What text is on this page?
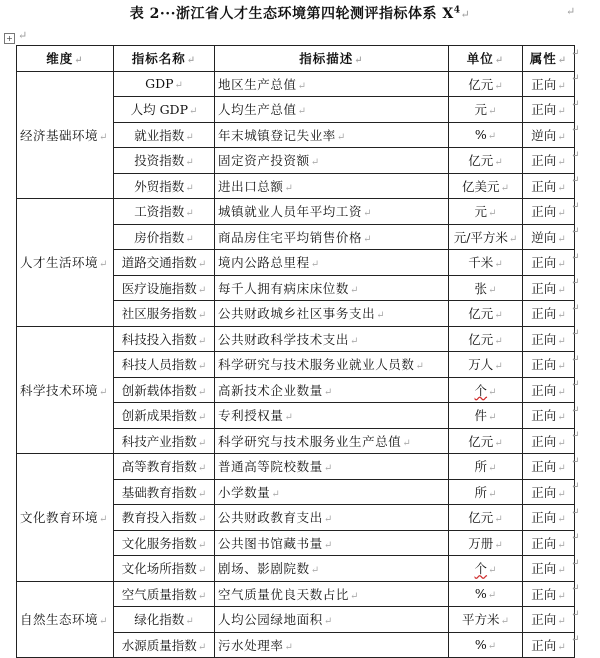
表 2···浙江省人才生态环境第四轮测评指标体系 $X^4↵$	↵
+ ↵
维度↵	指标名称↵	指标描述↵	单位↵	属性↵
经济基础环境↵	GDP↵	地区生产总值↵	亿元↵	正向↵
	人均 GDP↵	人均生产总值↵	元↵	正向↵
	就业指数↵	年末城镇登记失业率↵	%↵	逆向↵
	投资指数↵	固定资产投资额↵	亿元↵	正向↵
	外贸指数↵	进出口总额↵	亿美元↵	正向↵
人才生活环境↵	工资指数↵	城镇就业人员年平均工资↵	元↵	正向↵
	房价指数↵	商品房住宅平均销售价格↵	元/平方米↵	逆向↵
	道路交通指数↵	境内公路总里程↵	千米↵	正向↵
	医疗设施指数↵	每千人拥有病床床位数↵	张↵	正向↵
	社区服务指数↵	公共财政城乡社区事务支出↵	亿元↵	正向↵
科学技术环境↵	科技投入指数↵	公共财政科学技术支出↵	亿元↵	正向↵
	科技人员指数↵	科学研究与技术服务业就业人员数↵	万人↵	正向↵
	创新载体指数↵	高新技术企业数量↵	个↵	正向↵
	创新成果指数↵	专利授权量↵	件↵	正向↵
	科技产业指数↵	科学研究与技术服务业生产总值↵	亿元↵	正向↵
文化教育环境↵	高等教育指数↵	普通高等院校数量↵	所↵	正向↵
	基础教育指数↵	小学数量↵	所↵	正向↵
	教育投入指数↵	公共财政教育支出↵	亿元↵	正向↵
	文化服务指数↵	公共图书馆藏书量↵	万册↵	正向↵
	文化场所指数↵	剧场、影剧院数↵	个↵	正向↵
自然生态环境↵	空气质量指数↵	空气质量优良天数占比↵	%↵	正向↵
	绿化指数↵	人均公园绿地面积↵	平方米↵	正向↵
	水源质量指数↵	污水处理率↵	%↵	正向↵
↵
↵
↵
↵
↵
↵
↵
↵
↵
↵
↵
↵
↵
↵
↵
↵
↵
↵
↵
↵
↵
↵
↵
↵
